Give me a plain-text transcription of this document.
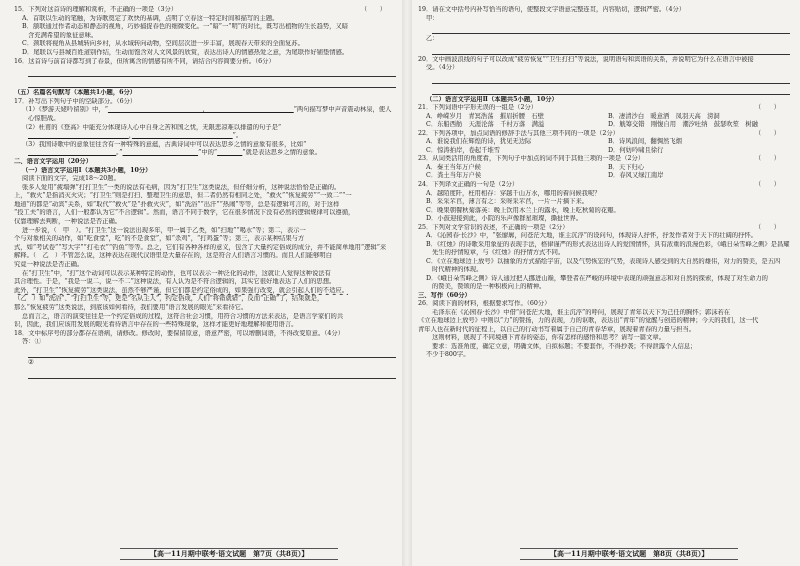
15．下列对这首诗的理解和赏析，不正确的一项是（3分）	（　　）
A．首联以生动的笔触，为诗歌奠定了欢快的基调，点明了立春这一特定时间和描写的主题。
B．颔联通过作者动态和静态的视角，巧妙捕捉春色的细微变化。一“暗”一“明”的对比，既写出植物的生长趋势，又暗
含充满希望的象征意味。
C．颈联将视角从县城转向乡村，从水域转向动物，空间层次进一步丰富，展现春天带来的全面复苏。
D．尾联以与县城百姓道别作结，生动而饱含对人文风景的欣赏，表达出诗人的情感热爱之意，为尾联作好铺垫情感。
16．这首诗与前首诗都写到了春景，但所寓含的情感有所不同，请结合内容简要分析。（6分）
（五）名篇名句默写（本题共1小题，6分）
17．补写出下列句子中的空缺部分。（6分）
（1）《梦游天姥吟留别》中，“　　　　　　　　　　　　　　　，　　　　　　　　　　　　　　”两句描写梦中声音震动林泉，使人
心惊胆战。
（2）杜甫的《登高》中能充分体现诗人心中自身之苦和国之忧，无限悲凉难以排遣的句子是“
　　　　　　　　　　　　　　　　，　　　　　　　　　　　　　　　　	”。
（3）我国诗歌中的意象往往含有一种特殊的意蕴，古典诗词中可以表达思乡之情的意象有很多，比如“
　　　　　　　　　　　　　　。”　　　　　　　　　　　　	”中的“　　　　	”就是表达思乡之情的意象。
二、语言文字运用（20分）
（一）语言文字运用Ⅰ（本题共3小题，10分）
阅读下面的文字，完成18～20题。
张多人爱用“疲塌弹”打打卫生”一类的说法有毛病，因为“打卫生”这类说法，但仔细分析，这种说法恰恰是正确的。
上，“救火”是指消灭火灾；“打卫生”则是打扫、整理卫生的意思，但二者仍然有相同之处，“救火”“恢复疲劳”“一致二”“一
地道”的都是“动宾”关系，如“取代”“救火”是“扑救火灾”，如“洗浴”“出汗”“热闹”等等，总是有逻辑可言的，对于这样
“投工夫”的语言，人们一般都认为它“不合逻辑”。然而，语言不同于数学，它在很多情况下没有必然的逻辑规律可以遵循，
仅靠理解去判断，一种说法是否正确。
进一步说，（　甲　）。“打卫生”这一说法出现多年，甲一属于乙类，如“扫地”“喝水”等；第二，表示一
个与对象相关的动作，如“吃食堂”，吃“的不是食堂”，如“杀鸡”，“打鸡蛋”等；第三，表示某种结果与方
式，如“考试卷”“写大字”“打毛衣”“钓鱼”等等。总之，它们有各种各样的意义，包含了大量约定俗成的成分，并不能简单地用“逻辑”来
解释。（　乙　）不管怎么说，这种表达在现代汉语里是大量存在的，这是符合人们语言习惯的。而且人们能够明白
究竟一种说法是否正确。
在“打卫生”中，“打”这个动词可以表示某种特定的动作，也可以表示一种泛化的动作，这就让人觉得这种说法有
其合理性。于是，“我是一说二，说一不二”这种说法，有人认为是不符合逻辑的，其实它很好地表达了人们的思想。
此外，“打卫生”“恢复疲劳”这类说法，虽然不够严谨，但它们都是约定俗成的，如果强行改变，就会引起人们的不适应。
（乙　）如“洗浴”、“打扫卫生”等，更是“名从主人”，约定俗成，人们“将错就错”，反而“正确”了，结果就是，
那么“恢复疲劳”这类说法，到底该如何看待，我们要用“语言发展的眼光”来看待它。
总而言之，语言的演变往往是一个约定俗成的过程，这符合社会习惯，用符合习惯的方法来表达，是语言学家们的共
识，因此，我们应该用发展的眼光看待语言中存在的一些特殊现象，这样才能更好地理解和使用语言。
18．文中标序号的部分都存在语病，请修改。修改时，要保留原意，语意严密，可以增删词语，不得改变原意。（4分）
答：①
②
19．请在文中括号内补写恰当的语句，使整段文字语意完整连贯，内容贴切，逻辑严密。（4分）
甲：
乙：
20．文中画波浪线的句子可以改成“疲劳恢复”“卫生打扫”等说法，说明语句和宾语的关系，并说明它为什么在语言中被接
受。（4分）
（二）语言文字运用Ⅱ（本题共5小题，10分）
21．下列词语中字形无误的一组是（2分）	（　　）
A．峥嵘岁月　青冥浩荡　摧眉折腰　石壁	B．凄清沙白　暖意洒　凤羽天高　滂洞
C．东船西舫　天涯沦落　千村万落　满溢	D．觥筹交错　刚愎自用　潮汐吐纳　鼓瑟吹笙　树融
22．下列各项中，加点词语的修辞手法与其他三项不同的一项是（2分）	（　　）
A．谁说我们在辉煌的诗，犹见无边际	B．诗风浪间，翻惆然飞烟
C．惊涛拍岸，卷起千堆雪	D．何妨吟啸且徐行
23．从词类活用的角度看，下列句子中加点的词不同于其他三项的一项是（2分）	（　　）
A．秦王当年万户候	B．天下归心
C．粪土当年万户侯	D．春风又绿江南岸
24．下列译文正确的一句是（2分）	（　　）
A．越陌度阡，枉用相存：穿越千山万水，哪用的着问候我呢？
B．采采芣苢，薄言有之：采呀采芣苢，一片一片摘下来。
C．晚果朝餐秋菊落英：晚上饮用木兰上的露水，晚上吃秋菊的花瓣。
D．小鼓迎接到此，小院的乐声像群星璀璨，撕扯世界。
25．下列对文学常识的表述，不正确的一项是（2分）	（　　）
A．《沁园春·长沙》中，“张廖廓，问苍茫大地，谁主沉浮”的设问句，体现诗人抒怀，抒发作者对于天下的壮阔的抒怀。
B．《红烛》的诗歌采用象征的表现手法，格律谨严的形式表达出诗人的爱国情怀，具有浓重的浪漫色彩，《峨日朵雪峰之侧》是昌耀
先生的抒情短章，与《红烛》的抒情方式不同。
C．《立在地球边上放号》以抽象的方式描绘宇宙，以及气势恢宏的气势，表现诗人感受到的大自然的雄伟，对力的赞美，是五四
时代精神的体现。
D．《峨日朵雪峰之侧》诗人通过把人挪进山巅，攀登者在严峻的环境中表现的顽强意志和对自然的探索，体现了对生命力的
的赞美，赞颂的是一种积极向上的精神。
三、写作（60分）
26．阅读下面的材料，根据要求写作。（60分）
毛泽东在《沁园春·长沙》中借“问苍茫大地，谁主沉浮”的呼问，展现了青年以天下为己任的胸怀；郭沫若在
《立在地球边上放号》中则以“力”的赞扬，力的表现，力的讴歌，表达出“青年”的觉醒与创造的精神；今天的我们，这一代
青年人也在新时代的征程上，以自己的行动书写着属于自己的青春华章，展现着青春的力量与担当。
这则材料，展现了不同境遇下青春的姿态，你有怎样的感悟和思考？请写一篇文章。
要求：选准角度，确定立意，明确文体，自拟标题；不要套作，不得抄袭；不得泄露个人信息；
不少于800字。
【高一11月期中联考·语文试题　第7页（共8页）】	【高一11月期中联考·语文试题　第8页（共8页）】
